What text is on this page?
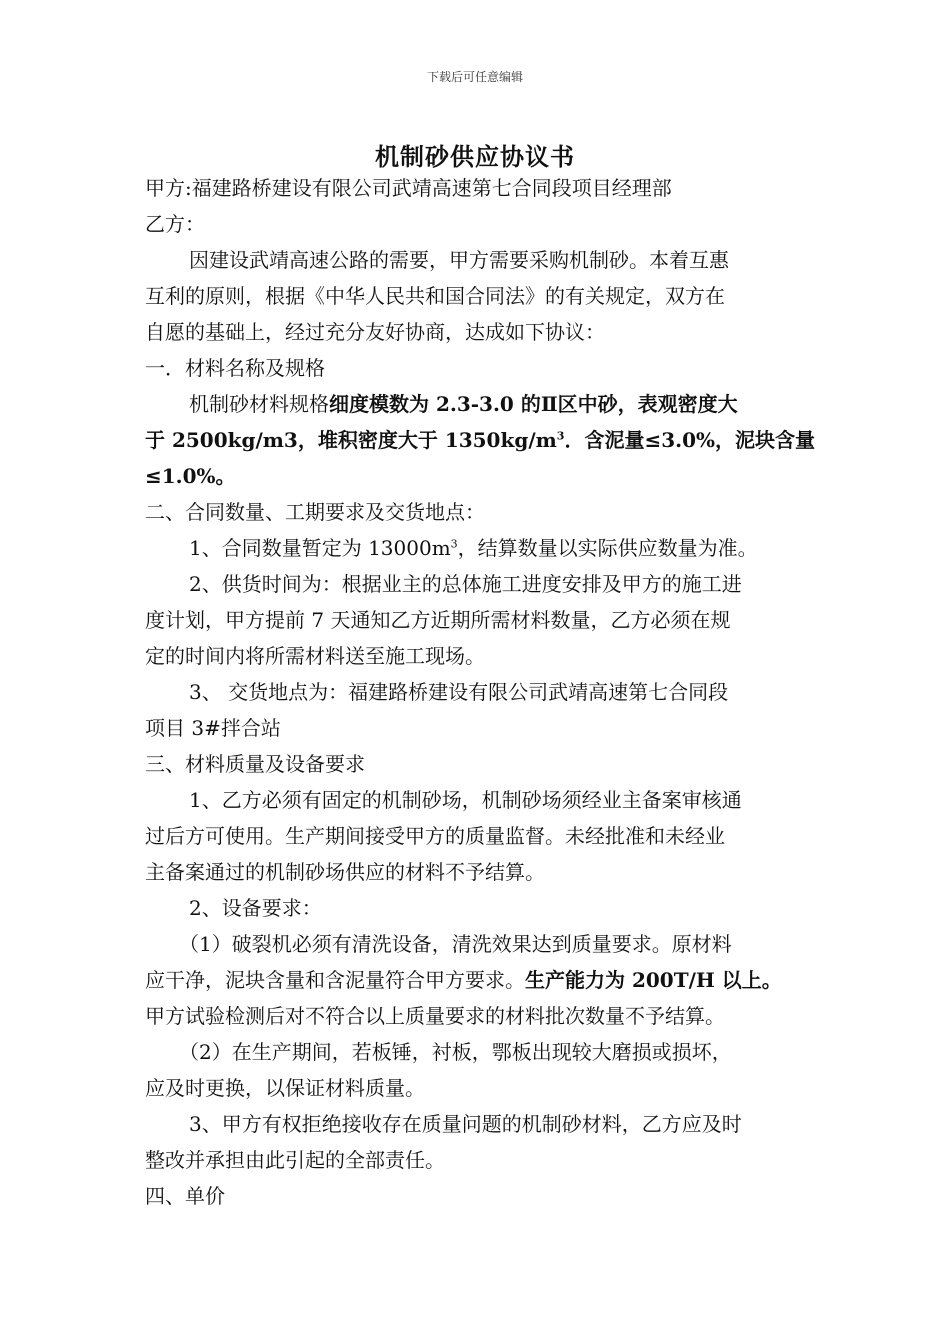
下载后可任意编辑
机制砂供应协议书
甲方:福建路桥建设有限公司武靖高速第七合同段项目经理部
乙方：
因建设武靖高速公路的需要，甲方需要采购机制砂。本着互惠
互利的原则，根据《中华人民共和国合同法》的有关规定，双方在
自愿的基础上，经过充分友好协商，达成如下协议：
一．材料名称及规格
机制砂材料规格细度模数为 2.3-3.0 的Ⅱ区中砂，表观密度大
于 2500kg/m3，堆积密度大于 $1350kg/m^3$．含泥量≤3.0%，泥块含量
≤1.0%。
二、合同数量、工期要求及交货地点：
1、合同数量暂定为 $13000m^3$，结算数量以实际供应数量为准。
2、供货时间为：根据业主的总体施工进度安排及甲方的施工进
度计划，甲方提前 7 天通知乙方近期所需材料数量，乙方必须在规
定的时间内将所需材料送至施工现场。
3、 交货地点为：福建路桥建设有限公司武靖高速第七合同段
项目 3#拌合站
三、材料质量及设备要求
1、乙方必须有固定的机制砂场，机制砂场须经业主备案审核通
过后方可使用。生产期间接受甲方的质量监督。未经批准和未经业
主备案通过的机制砂场供应的材料不予结算。
2、设备要求：
（1）破裂机必须有清洗设备，清洗效果达到质量要求。原材料
应干净，泥块含量和含泥量符合甲方要求。生产能力为 200T/H 以上。
甲方试验检测后对不符合以上质量要求的材料批次数量不予结算。
（2）在生产期间，若板锤，衬板，鄂板出现较大磨损或损坏，
应及时更换，以保证材料质量。
3、甲方有权拒绝接收存在质量问题的机制砂材料，乙方应及时
整改并承担由此引起的全部责任。
四、单价
